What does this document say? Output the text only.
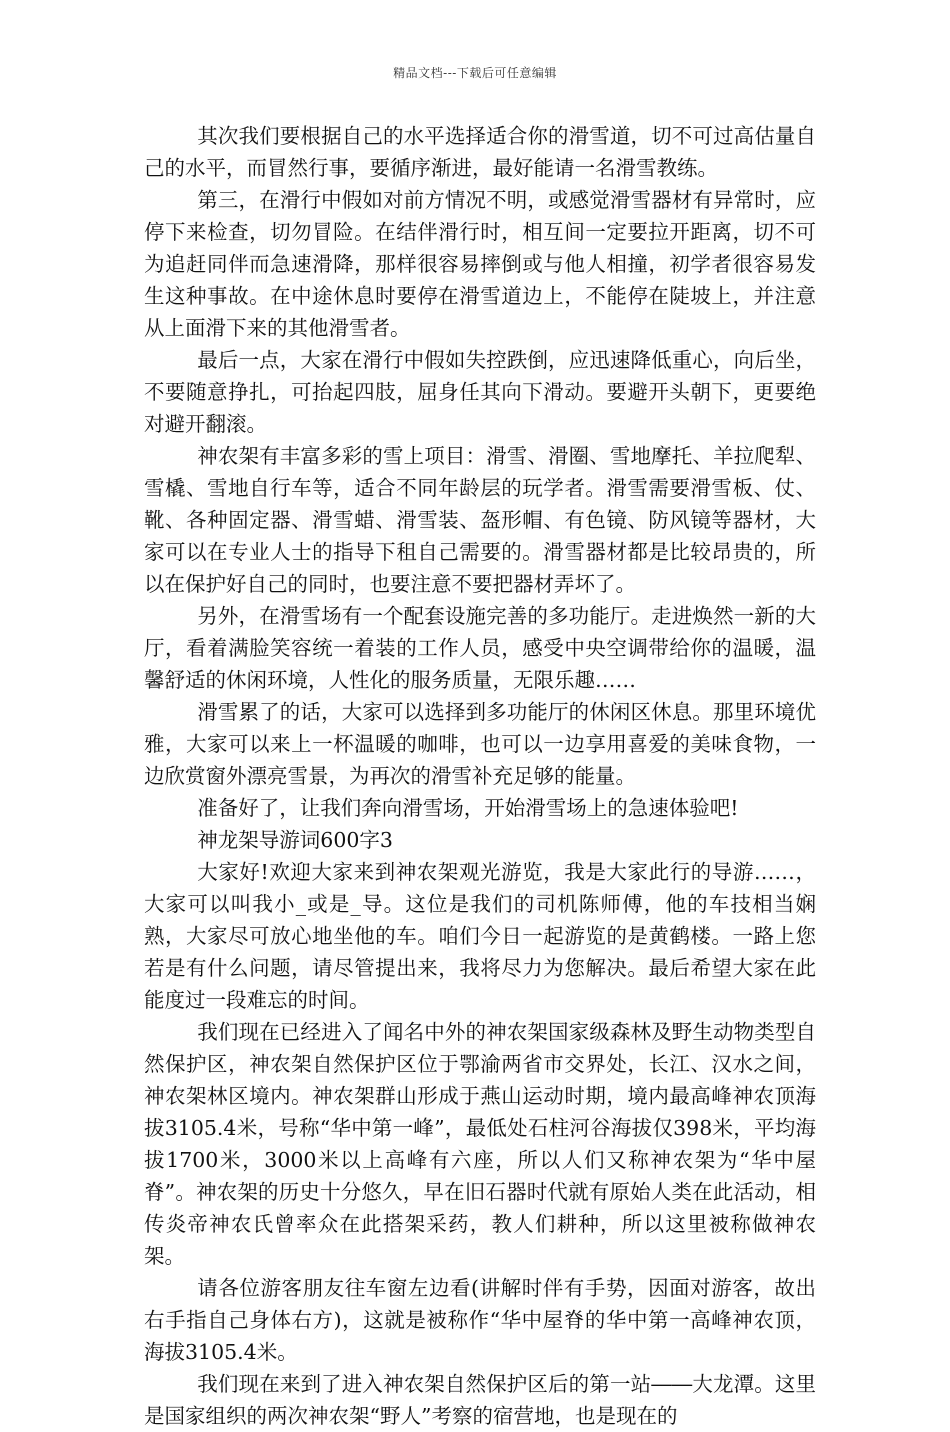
精品文档---下载后可任意编辑

其次我们要根据自己的水平选择适合你的滑雪道，切不可过高估量自己的水平，而冒然行事，要循序渐进，最好能请一名滑雪教练。

第三，在滑行中假如对前方情况不明，或感觉滑雪器材有异常时，应停下来检查，切勿冒险。在结伴滑行时，相互间一定要拉开距离，切不可为追赶同伴而急速滑降，那样很容易摔倒或与他人相撞，初学者很容易发生这种事故。在中途休息时要停在滑雪道边上，不能停在陡坡上，并注意从上面滑下来的其他滑雪者。

最后一点，大家在滑行中假如失控跌倒，应迅速降低重心，向后坐，不要随意挣扎，可抬起四肢，屈身任其向下滑动。要避开头朝下，更要绝对避开翻滚。

神农架有丰富多彩的雪上项目：滑雪、滑圈、雪地摩托、羊拉爬犁、雪橇、雪地自行车等，适合不同年龄层的玩学者。滑雪需要滑雪板、仗、靴、各种固定器、滑雪蜡、滑雪装、盔形帽、有色镜、防风镜等器材，大家可以在专业人士的指导下租自己需要的。滑雪器材都是比较昂贵的，所以在保护好自己的同时，也要注意不要把器材弄坏了。

另外，在滑雪场有一个配套设施完善的多功能厅。走进焕然一新的大厅，看着满脸笑容统一着装的工作人员，感受中央空调带给你的温暖，温馨舒适的休闲环境，人性化的服务质量，无限乐趣……

滑雪累了的话，大家可以选择到多功能厅的休闲区休息。那里环境优雅，大家可以来上一杯温暖的咖啡，也可以一边享用喜爱的美味食物，一边欣赏窗外漂亮雪景，为再次的滑雪补充足够的能量。

准备好了，让我们奔向滑雪场，开始滑雪场上的急速体验吧!

神龙架导游词600字3

大家好!欢迎大家来到神农架观光游览，我是大家此行的导游……，大家可以叫我小_或是_导。这位是我们的司机陈师傅，他的车技相当娴熟，大家尽可放心地坐他的车。咱们今日一起游览的是黄鹤楼。一路上您若是有什么问题，请尽管提出来，我将尽力为您解决。最后希望大家在此能度过一段难忘的时间。

我们现在已经进入了闻名中外的神农架国家级森林及野生动物类型自然保护区，神农架自然保护区位于鄂渝两省市交界处，长江、汉水之间，神农架林区境内。神农架群山形成于燕山运动时期，境内最高峰神农顶海拔3105.4米，号称“华中第一峰”，最低处石柱河谷海拔仅398米，平均海拔1700米，3000米以上高峰有六座，所以人们又称神农架为“华中屋脊”。神农架的历史十分悠久，早在旧石器时代就有原始人类在此活动，相传炎帝神农氏曾率众在此搭架采药，教人们耕种，所以这里被称做神农架。

请各位游客朋友往车窗左边看(讲解时伴有手势，因面对游客，故出右手指自己身体右方)，这就是被称作“华中屋脊的华中第一高峰神农顶，海拔3105.4米。

我们现在来到了进入神农架自然保护区后的第一站――大龙潭。这里是国家组织的两次神农架“野人”考察的宿营地，也是现在的
